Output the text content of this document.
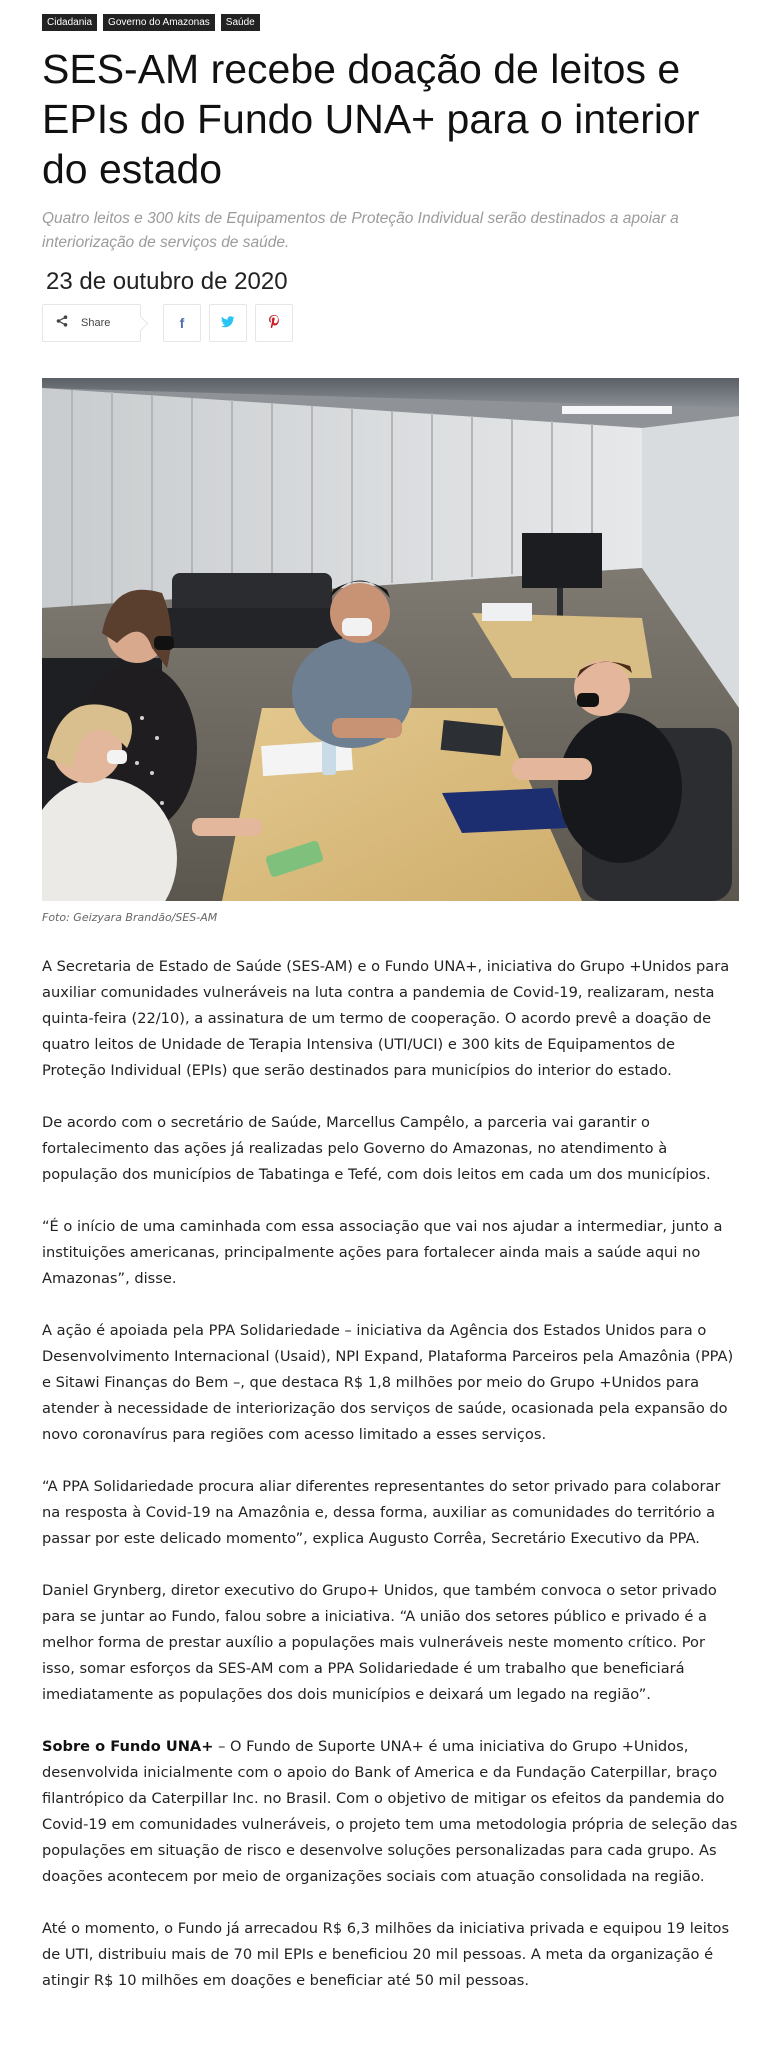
Cidadania	Governo do Amazonas	Saúde
SES-AM recebe doação de leitos e EPIs do Fundo UNA+ para o interior do estado

Quatro leitos e 300 kits de Equipamentos de Proteção Individual serão destinados a apoiar a interiorização de serviços de saúde.

23 de outubro de 2020
Share	f
Foto: Geizyara Brandão/SES-AM

A Secretaria de Estado de Saúde (SES-AM) e o Fundo UNA+, iniciativa do Grupo +Unidos para auxiliar comunidades vulneráveis na luta contra a pandemia de Covid-19, realizaram, nesta quinta-feira (22/10), a assinatura de um termo de cooperação. O acordo prevê a doação de quatro leitos de Unidade de Terapia Intensiva (UTI/UCI) e 300 kits de Equipamentos de Proteção Individual (EPIs) que serão destinados para municípios do interior do estado.

De acordo com o secretário de Saúde, Marcellus Campêlo, a parceria vai garantir o fortalecimento das ações já realizadas pelo Governo do Amazonas, no atendimento à população dos municípios de Tabatinga e Tefé, com dois leitos em cada um dos municípios.

“É o início de uma caminhada com essa associação que vai nos ajudar a intermediar, junto a instituições americanas, principalmente ações para fortalecer ainda mais a saúde aqui no Amazonas”, disse.

A ação é apoiada pela PPA Solidariedade – iniciativa da Agência dos Estados Unidos para o Desenvolvimento Internacional (Usaid), NPI Expand, Plataforma Parceiros pela Amazônia (PPA) e Sitawi Finanças do Bem –, que destaca R$ 1,8 milhões por meio do Grupo +Unidos para atender à necessidade de interiorização dos serviços de saúde, ocasionada pela expansão do novo coronavírus para regiões com acesso limitado a esses serviços.

“A PPA Solidariedade procura aliar diferentes representantes do setor privado para colaborar na resposta à Covid-19 na Amazônia e, dessa forma, auxiliar as comunidades do território a passar por este delicado momento”, explica Augusto Corrêa, Secretário Executivo da PPA.

Daniel Grynberg, diretor executivo do Grupo+ Unidos, que também convoca o setor privado para se juntar ao Fundo, falou sobre a iniciativa. “A união dos setores público e privado é a melhor forma de prestar auxílio a populações mais vulneráveis neste momento crítico. Por isso, somar esforços da SES-AM com a PPA Solidariedade é um trabalho que beneficiará imediatamente as populações dos dois municípios e deixará um legado na região”.

Sobre o Fundo UNA+ – O Fundo de Suporte UNA+ é uma iniciativa do Grupo +Unidos, desenvolvida inicialmente com o apoio do Bank of America e da Fundação Caterpillar, braço filantrópico da Caterpillar Inc. no Brasil. Com o objetivo de mitigar os efeitos da pandemia do Covid-19 em comunidades vulneráveis, o projeto tem uma metodologia própria de seleção das populações em situação de risco e desenvolve soluções personalizadas para cada grupo. As doações acontecem por meio de organizações sociais com atuação consolidada na região.

Até o momento, o Fundo já arrecadou R$ 6,3 milhões da iniciativa privada e equipou 19 leitos de UTI, distribuiu mais de 70 mil EPIs e beneficiou 20 mil pessoas. A meta da organização é atingir R$ 10 milhões em doações e beneficiar até 50 mil pessoas.
